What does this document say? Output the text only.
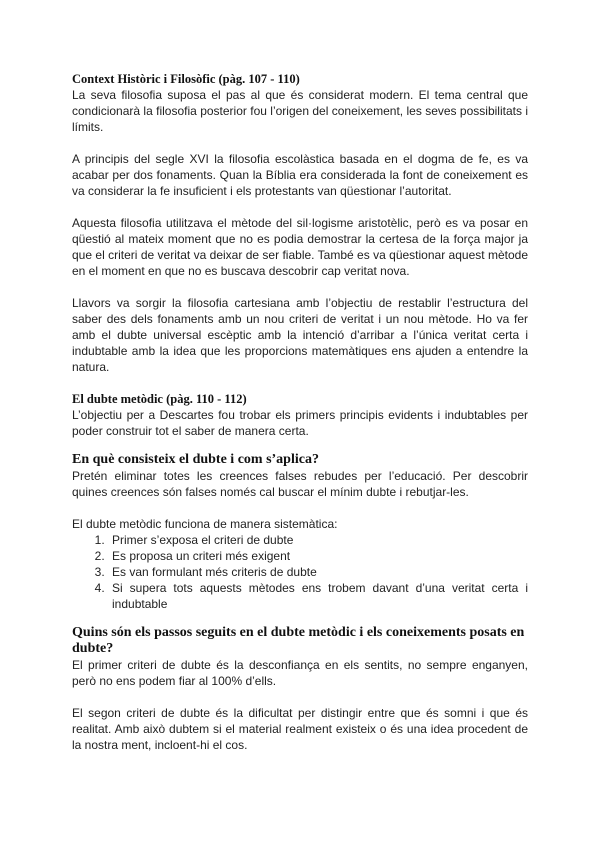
Context Històric i Filosòfic (pàg. 107 - 110)

La seva filosofia suposa el pas al que és considerat modern. El tema central que condicionarà la filosofia posterior fou l’origen del coneixement, les seves possibilitats i límits.

A principis del segle XVI la filosofia escolàstica basada en el dogma de fe, es va acabar per dos fonaments. Quan la Bíblia era considerada la font de coneixement es va considerar la fe insuficient i els protestants van qüestionar l’autoritat.

Aquesta filosofia utilitzava el mètode del sil·logisme aristotèlic, però es va posar en qüestió al mateix moment que no es podia demostrar la certesa de la força major ja que el criteri de veritat va deixar de ser fiable. També es va qüestionar aquest mètode en el moment en que no es buscava descobrir cap veritat nova.

Llavors va sorgir la filosofia cartesiana amb l’objectiu de restablir l’estructura del saber des dels fonaments amb un nou criteri de veritat i un nou mètode. Ho va fer amb el dubte universal escèptic amb la intenció d’arribar a l’única veritat certa i indubtable amb la idea que les proporcions matemàtiques ens ajuden a entendre la natura.

El dubte metòdic (pàg. 110 - 112)

L’objectiu per a Descartes fou trobar els primers principis evidents i indubtables per poder construir tot el saber de manera certa.

En què consisteix el dubte i com s’aplica?

Pretén eliminar totes les creences falses rebudes per l’educació. Per descobrir quines creences són falses només cal buscar el mínim dubte i rebutjar-les.

El dubte metòdic funciona de manera sistemàtica:

1. Primer s’exposa el criteri de dubte
2. Es proposa un criteri més exigent
3. Es van formulant més criteris de dubte
4. Si supera tots aquests mètodes ens trobem davant d’una veritat certa i indubtable
Quins són els passos seguits en el dubte metòdic i els coneixements posats en dubte?

El primer criteri de dubte és la desconfiança en els sentits, no sempre enganyen, però no ens podem fiar al 100% d’ells.

El segon criteri de dubte és la dificultat per distingir entre que és somni i que és realitat. Amb això dubtem si el material realment existeix o és una idea procedent de la nostra ment, incloent-hi el cos.
